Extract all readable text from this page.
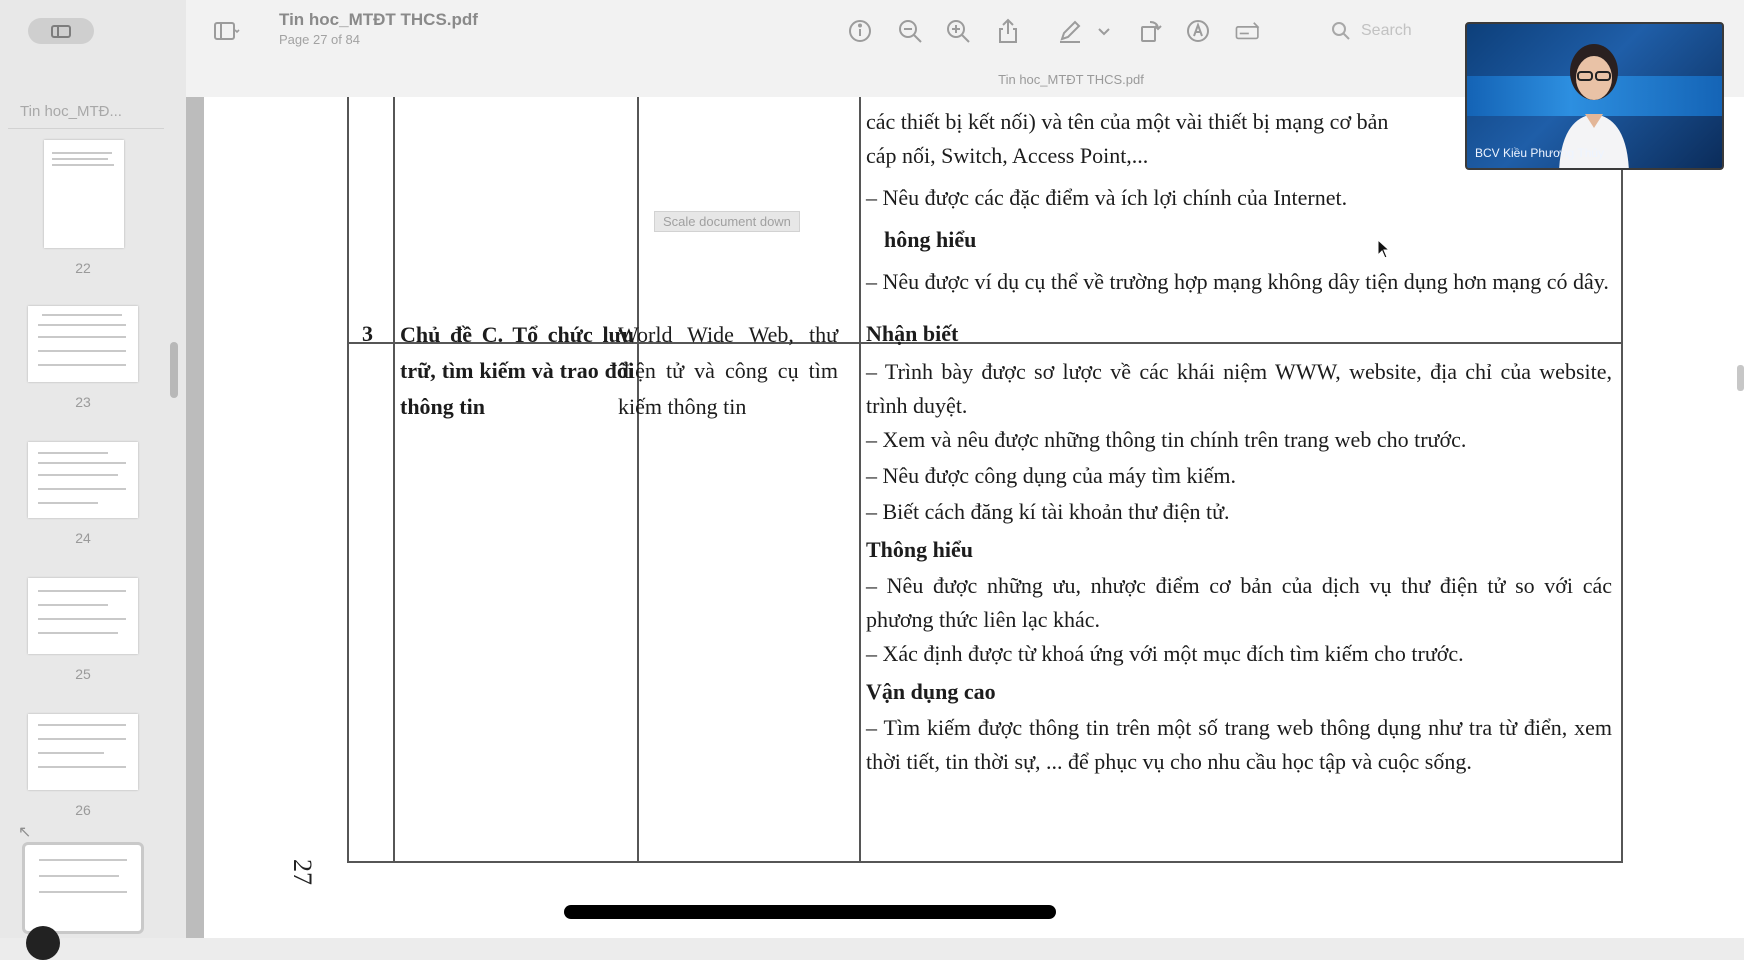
Tin hoc_MTĐ...
22
23
24
25
26
↖
Tin hoc_MTĐT THCS.pdf
Page 27 of 84
Search
Tin hoc_MTĐT THCS.pdf
các thiết bị kết nối) và tên của một vài thiết bị mạng cơ bản
cáp nối, Switch, Access Point,...
– Nêu được các đặc điểm và ích lợi chính của Internet.
hông hiểu
– Nêu được ví dụ cụ thể về trường hợp mạng không dây tiện dụng hơn mạng có dây.
3 Chủ đề C. Tổ chức lưu trữ, tìm kiếm và trao đổi thông tin
World Wide Web, thư điện tử và công cụ tìm kiếm thông tin
Nhận biết
– Trình bày được sơ lược về các khái niệm WWW, website, địa chỉ của website, trình duyệt.
– Xem và nêu được những thông tin chính trên trang web cho trước.
– Nêu được công dụng của máy tìm kiếm.
– Biết cách đăng kí tài khoản thư điện tử.
Thông hiểu
– Nêu được những ưu, nhược điểm cơ bản của dịch vụ thư điện tử so với các phương thức liên lạc khác.
– Xác định được từ khoá ứng với một mục đích tìm kiếm cho trước.
Vận dụng cao
– Tìm kiếm được thông tin trên một số trang web thông dụng như tra từ điển, xem thời tiết, tin thời sự, ... để phục vụ cho nhu cầu học tập và cuộc sống.
27
Scale document down
BCV Kiều Phương Thủy
